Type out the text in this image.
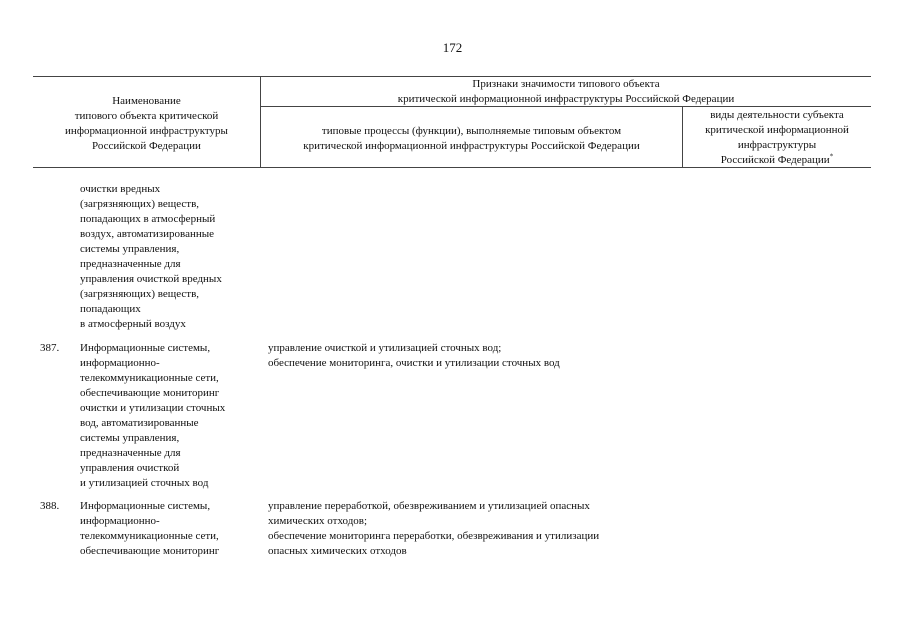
172
Наименование
типового объекта критической
информационной инфраструктуры
Российской Федерации
Признаки значимости типового объекта
критической информационной инфраструктуры Российской Федерации
типовые процессы (функции), выполняемые типовым объектом
критической информационной инфраструктуры Российской Федерации
виды деятельности субъекта
критической информационной
инфраструктуры
Российской Федерации*
очистки вредных
(загрязняющих) веществ,
попадающих в атмосферный
воздух, автоматизированные
системы управления,
предназначенные для
управления очисткой вредных
(загрязняющих) веществ,
попадающих
в атмосферный воздух
387. Информационные системы,
информационно-
телекоммуникационные сети,
обеспечивающие мониторинг
очистки и утилизации сточных
вод, автоматизированные
системы управления,
предназначенные для
управления очисткой
и утилизацией сточных вод
управление очисткой и утилизацией сточных вод;
обеспечение мониторинга, очистки и утилизации сточных вод
388. Информационные системы,
информационно-
телекоммуникационные сети,
обеспечивающие мониторинг
управление переработкой, обезвреживанием и утилизацией опасных
химических отходов;
обеспечение мониторинга переработки, обезвреживания и утилизации
опасных химических отходов
